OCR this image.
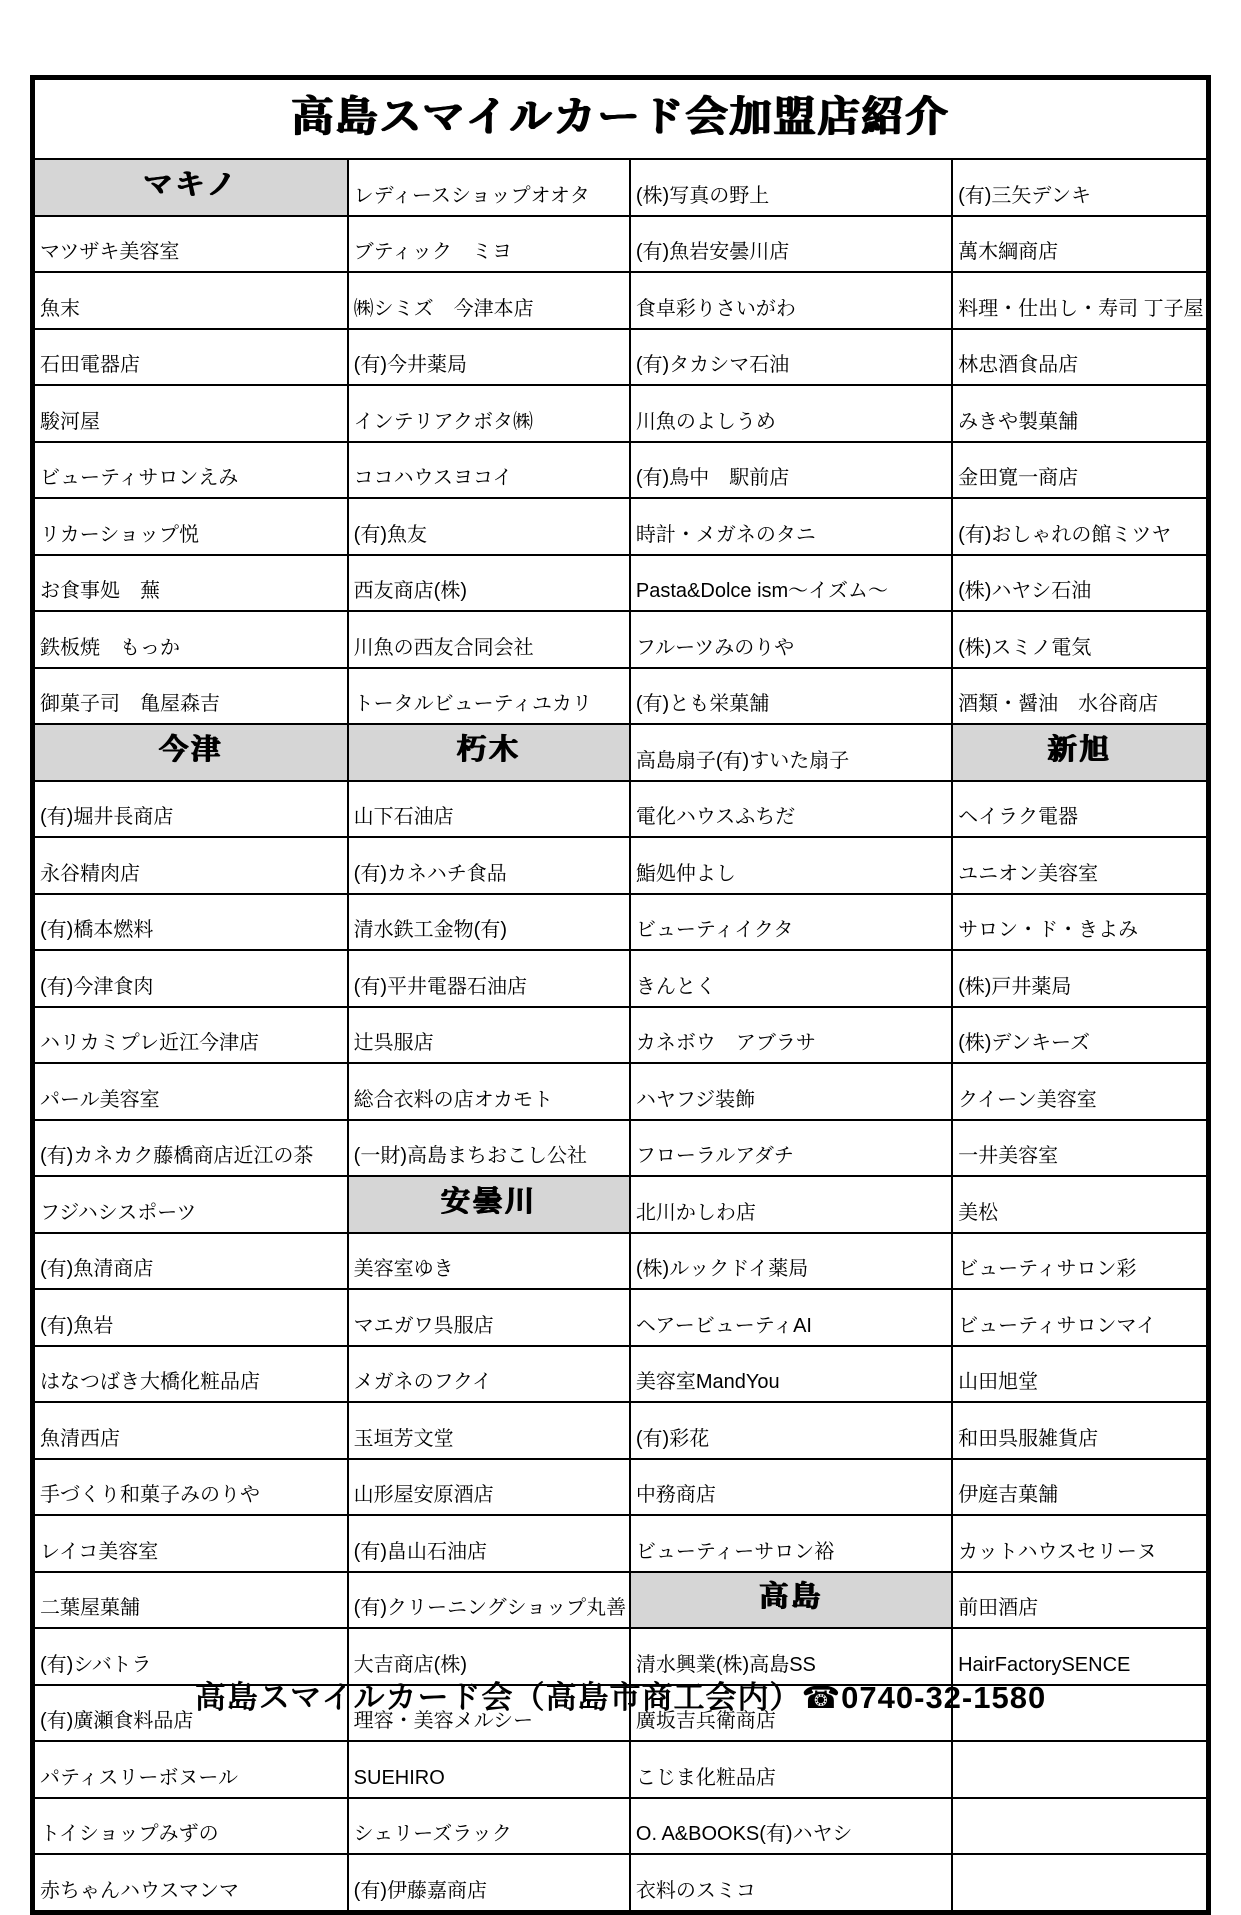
高島スマイルカード会加盟店紹介			
マキノ	レディースショップオオタ	(株)写真の野上	(有)三矢デンキ
マツザキ美容室	ブティック　ミヨ	(有)魚岩安曇川店	萬木綱商店
魚末	㈱シミズ　今津本店	食卓彩りさいがわ	料理・仕出し・寿司 丁子屋
石田電器店	(有)今井薬局	(有)タカシマ石油	林忠酒食品店
駿河屋	インテリアクボタ㈱	川魚のよしうめ	みきや製菓舗
ビューティサロンえみ	ココハウスヨコイ	(有)鳥中　駅前店	金田寛一商店
リカーショップ悦	(有)魚友	時計・メガネのタニ	(有)おしゃれの館ミツヤ
お食事処　蕪	西友商店(株)	Pasta&Dolce ism～イズム～	(株)ハヤシ石油
鉄板焼　もっか	川魚の西友合同会社	フルーツみのりや	(株)スミノ電気
御菓子司　亀屋森吉	トータルビューティユカリ	(有)とも栄菓舗	酒類・醤油　水谷商店
今津	朽木	高島扇子(有)すいた扇子	新旭
(有)堀井長商店	山下石油店	電化ハウスふちだ	ヘイラク電器
永谷精肉店	(有)カネハチ食品	鮨処仲よし	ユニオン美容室
(有)橋本燃料	清水鉄工金物(有)	ビューティイクタ	サロン・ド・きよみ
(有)今津食肉	(有)平井電器石油店	きんとく	(株)戸井薬局
ハリカミプレ近江今津店	辻呉服店	カネボウ　アブラサ	(株)デンキーズ
パール美容室	総合衣料の店オカモト	ハヤフジ装飾	クイーン美容室
(有)カネカク藤橋商店近江の茶	(一財)高島まちおこし公社	フローラルアダチ	一井美容室
フジハシスポーツ	安曇川	北川かしわ店	美松
(有)魚清商店	美容室ゆき	(株)ルックドイ薬局	ビューティサロン彩
(有)魚岩	マエガワ呉服店	ヘアービューティAI	ビューティサロンマイ
はなつばき大橋化粧品店	メガネのフクイ	美容室MandYou	山田旭堂
魚清西店	玉垣芳文堂	(有)彩花	和田呉服雑貨店
手づくり和菓子みのりや	山形屋安原酒店	中務商店	伊庭吉菓舗
レイコ美容室	(有)畠山石油店	ビューティーサロン裕	カットハウスセリーヌ
二葉屋菓舗	(有)クリーニングショップ丸善	高島	前田酒店
(有)シバトラ	大吉商店(株)	清水興業(株)高島SS	HairFactorySENCE
(有)廣瀬食料品店	理容・美容メルシー	廣坂吉兵衛商店	
パティスリーボヌール	SUEHIRO	こじま化粧品店	
トイショップみずの	シェリーズラック	O. A&BOOKS(有)ハヤシ	
赤ちゃんハウスマンマ	(有)伊藤嘉商店	衣料のスミコ	
高島スマイルカード会（高島市商工会内）☎0740-32-1580
